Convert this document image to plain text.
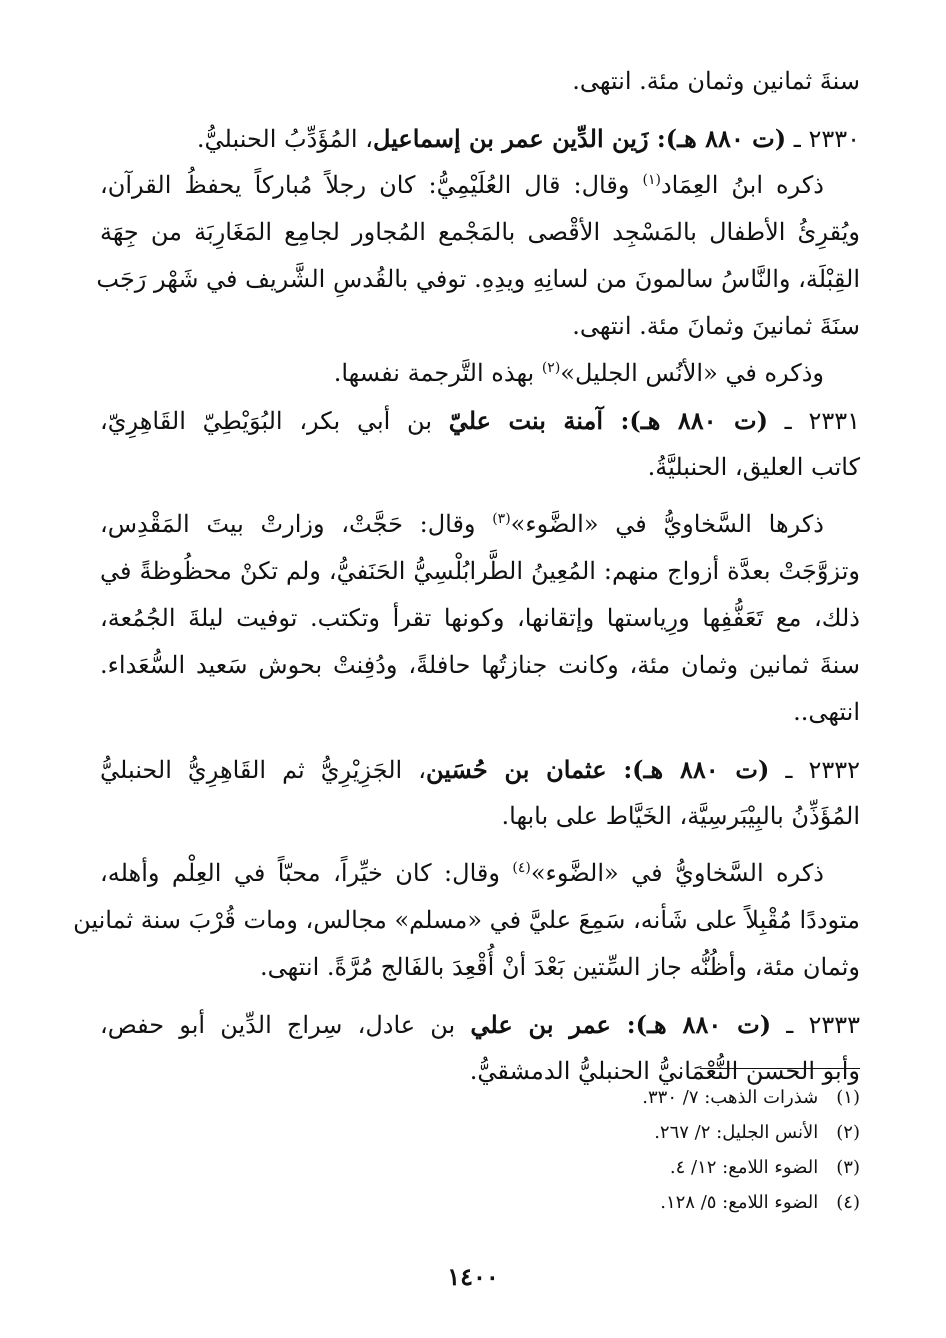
سنةَ ثمانين وثمان مئة. انتهى.
٢٣٣٠ ـ (ت ٨٨٠ هـ): زَين الدِّين عمر بن إسماعيل، المُؤَدِّبُ الحنبليُّ.
ذكره ابنُ العِمَاد$^{(١)}$ وقال: قال العُلَيْمِيُّ: كان رجلاً مُباركاً يحفظُ القرآن،
ويُقرِئُ الأطفال بالمَسْجِد الأقْصى بالمَجْمع المُجاور لجامِع المَغَارِبَة من جِهَة
القِبْلَة، والنَّاسُ سالمونَ من لسانِهِ ويدِهِ. توفي بالقُدسِ الشَّريف في شَهْر رَجَب
سنَةَ ثمانينَ وثمانَ مئة. انتهى.
وذكره في «الأنُس الجليل»$^{(٢)}$ بهذه التَّرجمة نفسها.
٢٣٣١ ـ (ت ٨٨٠ هـ): آمنة بنت عليّ بن أبي بكر، البُوَيْطِيّ القَاهِرِيّ،
كاتب العليق، الحنبليَّةُ.
ذكرها السَّخاويُّ في «الضَّوء»$^{(٣)}$ وقال: حَجَّتْ، وزارتْ بيتَ المَقْدِس،
وتزوَّجَتْ بعدَّة أزواج منهم: المُعِينُ الطَّرابُلْسِيُّ الحَنَفيُّ، ولم تكنْ محظُوظةً في
ذلك، مع تَعَفُّفِها ورِياستها وإتقانها، وكونها تقرأ وتكتب. توفيت ليلةَ الجُمُعة،
سنةَ ثمانين وثمان مئة، وكانت جنازتُها حافلةً، ودُفِنتْ بحوش سَعيد السُّعَداء.
انتهى..
٢٣٣٢ ـ (ت ٨٨٠ هـ): عثمان بن حُسَين، الجَزِيْرِيُّ ثم القَاهِرِيُّ الحنبليُّ
المُؤَذِّنُ بالبِيْبَرسِيَّة، الخَيَّاط على بابها.
ذكره السَّخاويُّ في «الضَّوء»$^{(٤)}$ وقال: كان خيِّراً، محبّاً في العِلْم وأهله،
متوددًا مُقْبِلاً على شَأنه، سَمِعَ عليَّ في «مسلم» مجالس، ومات قُرْبَ سنة ثمانين
وثمان مئة، وأظُنُّه جاز السِّتين بَعْدَ أنْ أُقْعِدَ بالفَالج مُرَّةً. انتهى.
٢٣٣٣ ـ (ت ٨٨٠ هـ): عمر بن علي بن عادل، سِراج الدِّين أبو حفص،
وأبو الحسن النُّعْمَانيُّ الحنبليُّ الدمشقيُّ.
(١) شذرات الذهب: ٧/ ٣٣٠.
(٢) الأنس الجليل: ٢/ ٢٦٧.
(٣) الضوء اللامع: ١٢/ ٤.
(٤) الضوء اللامع: ٥/ ١٢٨.
١٤٠٠
